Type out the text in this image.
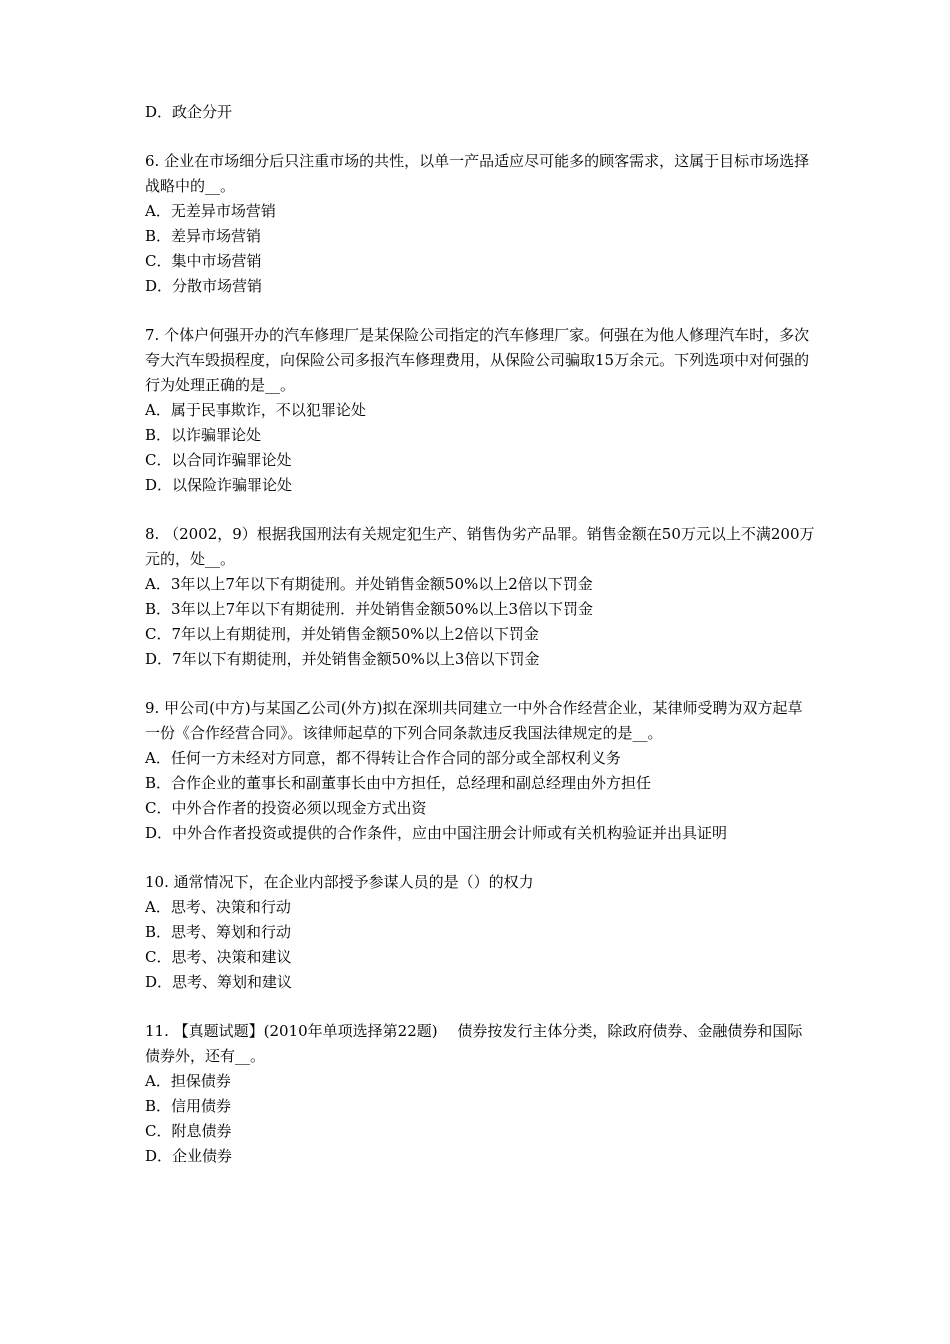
D．政企分开
6. 企业在市场细分后只注重市场的共性，以单一产品适应尽可能多的顾客需求，这属于目标市场选择战略中的__。
A．无差异市场营销
B．差异市场营销
C．集中市场营销
D．分散市场营销
7. 个体户何强开办的汽车修理厂是某保险公司指定的汽车修理厂家。何强在为他人修理汽车时，多次夸大汽车毁损程度，向保险公司多报汽车修理费用，从保险公司骗取15万余元。下列选项中对何强的行为处理正确的是__。
A．属于民事欺诈，不以犯罪论处
B．以诈骗罪论处
C．以合同诈骗罪论处
D．以保险诈骗罪论处
8. （2002，9）根据我国刑法有关规定犯生产、销售伪劣产品罪。销售金额在50万元以上不满200万元的，处__。
A．3年以上7年以下有期徒刑。并处销售金额50%以上2倍以下罚金
B．3年以上7年以下有期徒刑．并处销售金额50%以上3倍以下罚金
C．7年以上有期徒刑，并处销售金额50%以上2倍以下罚金
D．7年以下有期徒刑，并处销售金额50%以上3倍以下罚金
9. 甲公司(中方)与某国乙公司(外方)拟在深圳共同建立一中外合作经营企业，某律师受聘为双方起草一份《合作经营合同》。该律师起草的下列合同条款违反我国法律规定的是__。
A．任何一方未经对方同意，都不得转让合作合同的部分或全部权利义务
B．合作企业的董事长和副董事长由中方担任，总经理和副总经理由外方担任
C．中外合作者的投资必须以现金方式出资
D．中外合作者投资或提供的合作条件，应由中国注册会计师或有关机构验证并出具证明
10. 通常情况下，在企业内部授予参谋人员的是（）的权力
A．思考、决策和行动
B．思考、筹划和行动
C．思考、决策和建议
D．思考、筹划和建议
11. 【真题试题】(2010年单项选择第22题)　 债券按发行主体分类，除政府债券、金融债券和国际债券外，还有__。
A．担保债券
B．信用债券
C．附息债券
D．企业债券
